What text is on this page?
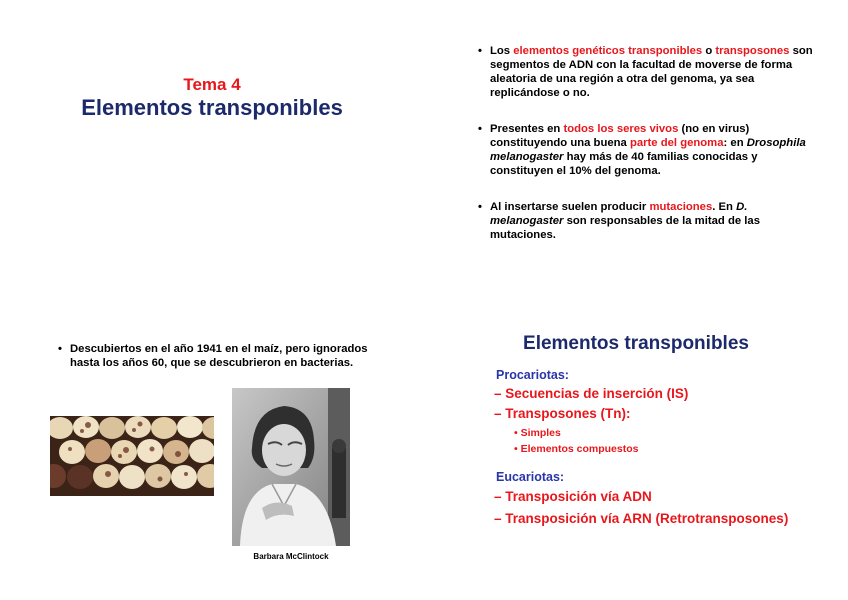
Tema 4
Elementos transponibles
• Los elementos genéticos transponibles o transposones son segmentos de ADN con la facultad de moverse de forma aleatoria de una región a otra del genoma, ya sea replicándose o no.
• Presentes en todos los seres vivos (no en virus) constituyendo una buena parte del genoma: en Drosophila melanogaster hay más de 40 familias conocidas y constituyen el 10% del genoma.
• Al insertarse suelen producir mutaciones. En D. melanogaster son responsables de la mitad de las mutaciones.
• Descubiertos en el año 1941 en el maíz, pero ignorados hasta los años 60, que se descubrieron en bacterias.
Barbara McClintock
Elementos transponibles
Procariotas:
– Secuencias de inserción (IS)
– Transposones (Tn):
• Simples
• Elementos compuestos
Eucariotas:
– Transposición vía ADN
– Transposición vía ARN (Retrotransposones)
